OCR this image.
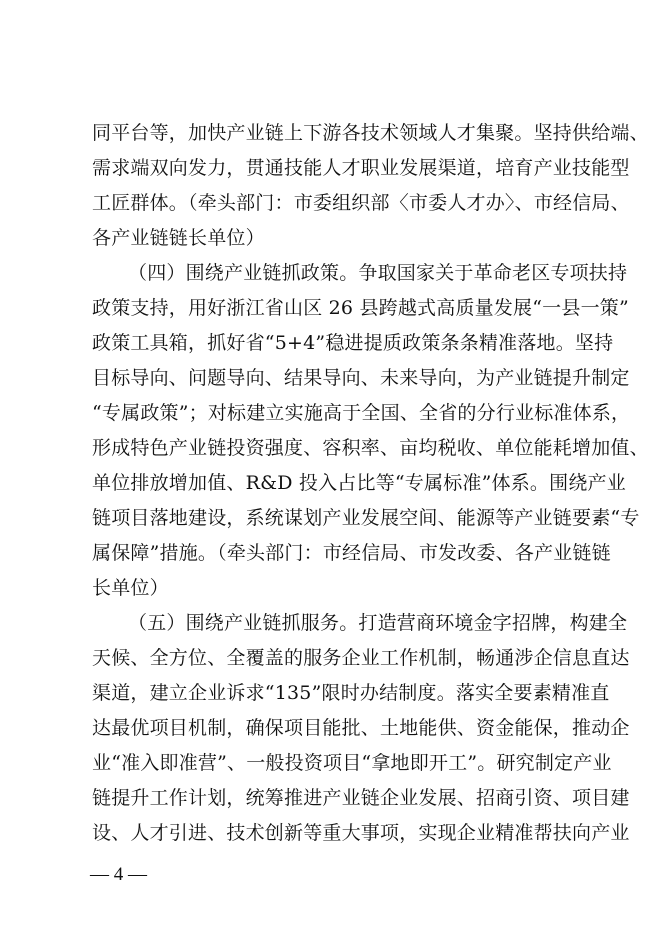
同平台等，加快产业链上下游各技术领域人才集聚。坚持供给端、
需求端双向发力，贯通技能人才职业发展渠道，培育产业技能型
工匠群体。（牵头部门：市委组织部〈市委人才办〉、市经信局、
各产业链链长单位）
（四）围绕产业链抓政策。争取国家关于革命老区专项扶持
政策支持，用好浙江省山区 26 县跨越式高质量发展“一县一策”
政策工具箱，抓好省“5+4”稳进提质政策条条精准落地。坚持
目标导向、问题导向、结果导向、未来导向，为产业链提升制定
“专属政策”；对标建立实施高于全国、全省的分行业标准体系，
形成特色产业链投资强度、容积率、亩均税收、单位能耗增加值、
单位排放增加值、R&D 投入占比等“专属标准”体系。围绕产业
链项目落地建设，系统谋划产业发展空间、能源等产业链要素“专
属保障”措施。（牵头部门：市经信局、市发改委、各产业链链
长单位）
（五）围绕产业链抓服务。打造营商环境金字招牌，构建全
天候、全方位、全覆盖的服务企业工作机制，畅通涉企信息直达
渠道，建立企业诉求“135”限时办结制度。落实全要素精准直
达最优项目机制，确保项目能批、土地能供、资金能保，推动企
业“准入即准营”、一般投资项目“拿地即开工”。研究制定产业
链提升工作计划，统筹推进产业链企业发展、招商引资、项目建
设、人才引进、技术创新等重大事项，实现企业精准帮扶向产业
— 4 —
